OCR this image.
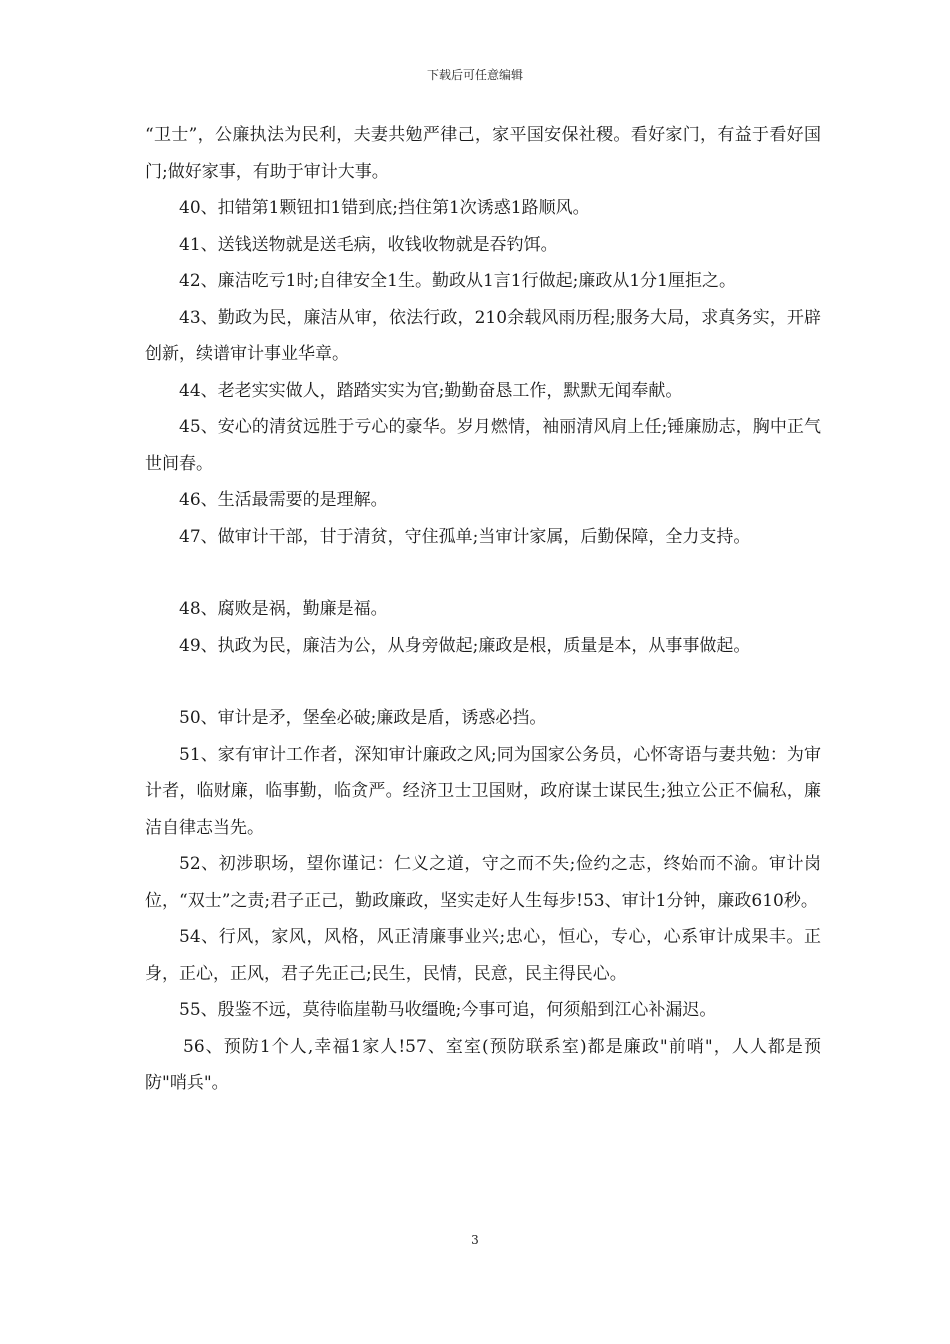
下载后可任意编辑

“卫士”，公廉执法为民利，夫妻共勉严律己，家平国安保社稷。看好家门，有益于看好国门;做好家事，有助于审计大事。

40、扣错第1颗钮扣1错到底;挡住第1次诱惑1路顺风。

41、送钱送物就是送毛病，收钱收物就是吞钓饵。

42、廉洁吃亏1时;自律安全1生。勤政从1言1行做起;廉政从1分1厘拒之。

43、勤政为民，廉洁从审，依法行政，210余载风雨历程;服务大局，求真务实，开辟创新，续谱审计事业华章。

44、老老实实做人，踏踏实实为官;勤勤奋恳工作，默默无闻奉献。

45、安心的清贫远胜于亏心的豪华。岁月燃情，袖丽清风肩上任;锤廉励志，胸中正气世间春。

46、生活最需要的是理解。

47、做审计干部，甘于清贫，守住孤单;当审计家属，后勤保障，全力支持。

48、腐败是祸，勤廉是福。

49、执政为民，廉洁为公，从身旁做起;廉政是根，质量是本，从事事做起。

50、审计是矛，堡垒必破;廉政是盾，诱惑必挡。

51、家有审计工作者，深知审计廉政之风;同为国家公务员，心怀寄语与妻共勉：为审计者，临财廉，临事勤，临贪严。经济卫士卫国财，政府谋士谋民生;独立公正不偏私，廉洁自律志当先。

52、初涉职场，望你谨记：仁义之道，守之而不失;俭约之志，终始而不渝。审计岗位，“双士”之责;君子正己，勤政廉政，坚实走好人生每步!53、审计1分钟，廉政610秒。

54、行风，家风，风格，风正清廉事业兴;忠心，恒心，专心，心系审计成果丰。正身，正心，正风，君子先正己;民生，民情，民意，民主得民心。

55、殷鉴不远，莫待临崖勒马收缰晚;今事可追，何须船到江心补漏迟。

56、预防1个人,幸福1家人!57、室室(预防联系室)都是廉政"前哨"，人人都是预防"哨兵"。

3
